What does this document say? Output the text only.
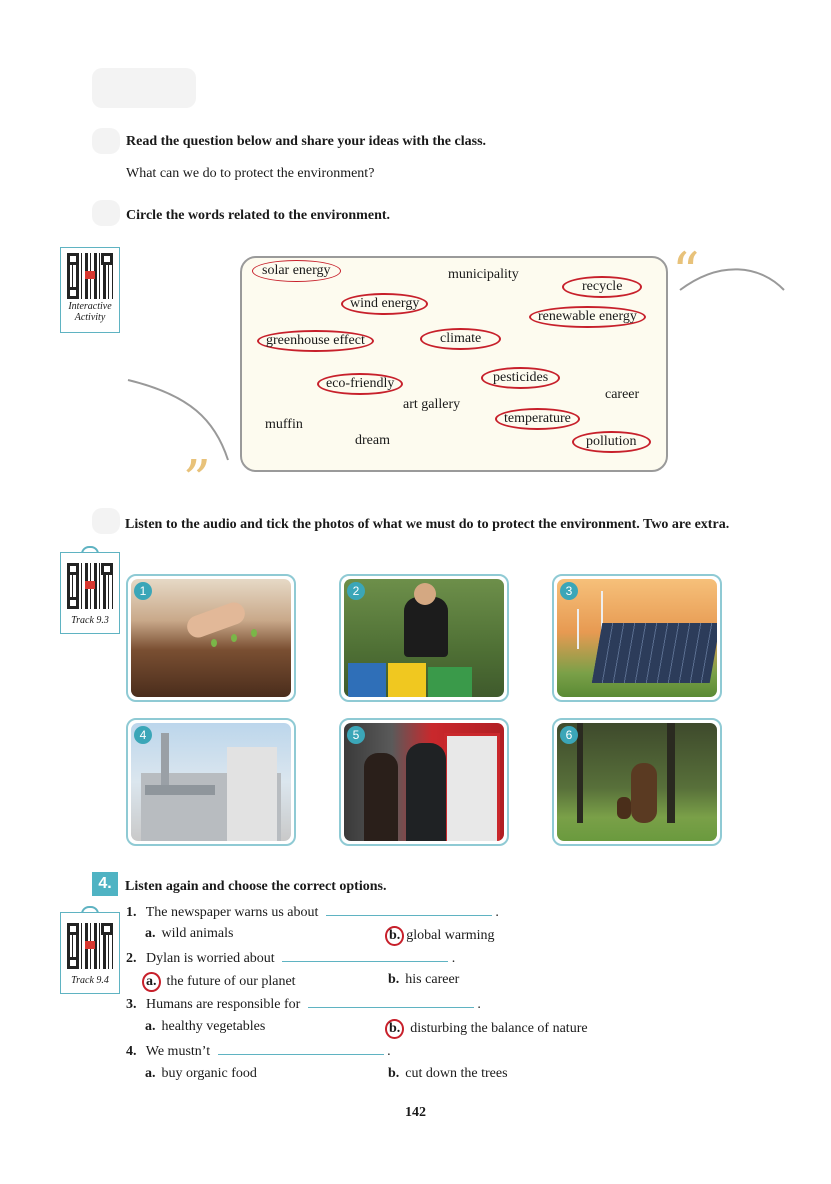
Read the question below and share your ideas with the class.
What can we do to protect the environment?
Circle the words related to the environment.
Interactive
Activity
“
„
solar energy	municipality
recycle
wind energy
renewable energy
greenhouse effect	climate
eco-friendly	pesticides
career
art gallery
muffin	temperature
dream	pollution
Listen to the audio and tick the photos of what we must do to protect the environment. Two are extra.
Track 9.3
1	2	3
4	5	6
4. Listen again and choose the correct options.
Track 9.4
1. The newspaper warns us about	.
a. wild animals	b. global warming
2. Dylan is worried about	.
a. the future of our planet	b. his career
3. Humans are responsible for	.
a. healthy vegetables	b. disturbing the balance of nature
4. We mustn’t	.
a. buy organic food	b. cut down the trees
142
